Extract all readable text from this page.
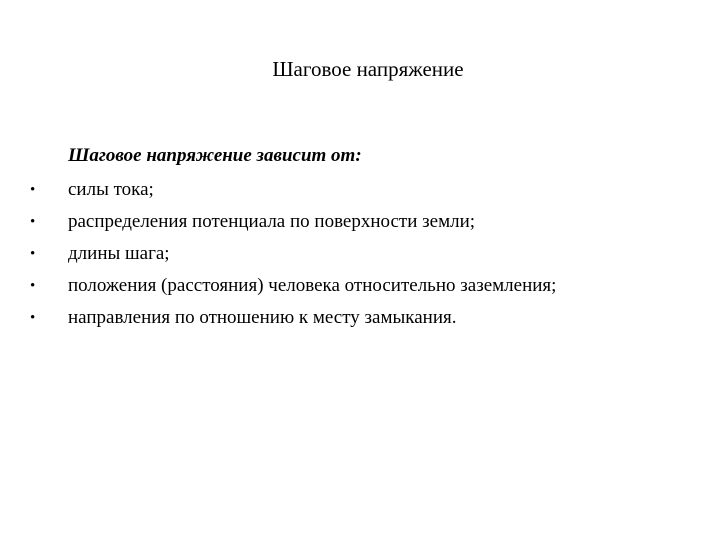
Шаговое напряжение

Шаговое напряжение зависит от:

•	силы тока;
•	распределения потенциала по поверхности земли;
•	длины шага;
•	положения (расстояния) человека относительно заземления;
•	направления по отношению к месту замыкания.
